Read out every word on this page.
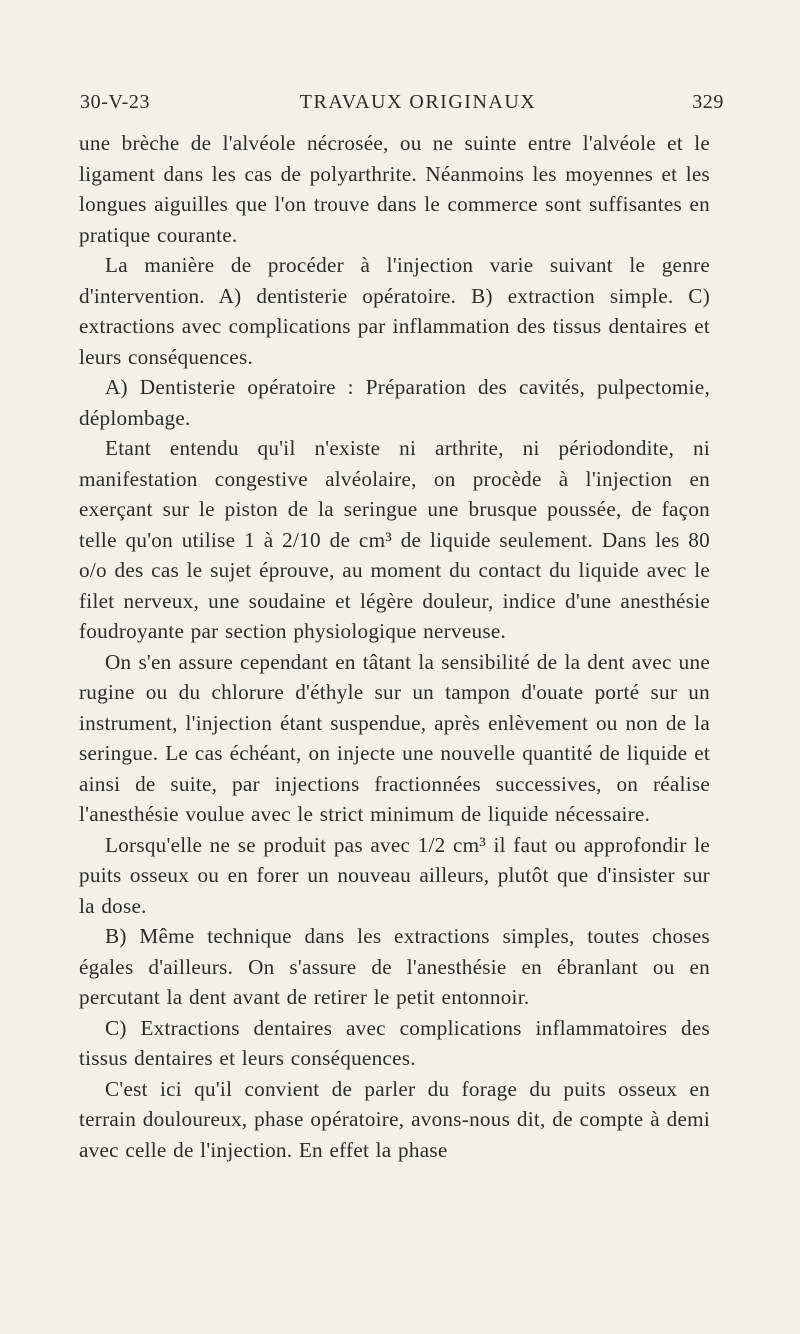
30-V-23	TRAVAUX ORIGINAUX	329

une brèche de l'alvéole nécrosée, ou ne suinte entre l'alvéole et le ligament dans les cas de polyarthrite. Néanmoins les moyennes et les longues aiguilles que l'on trouve dans le commerce sont suffisantes en pratique courante.

La manière de procéder à l'injection varie suivant le genre d'intervention. A) dentisterie opératoire. B) extraction simple. C) extractions avec complications par inflammation des tissus dentaires et leurs conséquences.

A) Dentisterie opératoire : Préparation des cavités, pulpectomie, déplombage.

Etant entendu qu'il n'existe ni arthrite, ni périodondite, ni manifestation congestive alvéolaire, on procède à l'injection en exerçant sur le piston de la seringue une brusque poussée, de façon telle qu'on utilise 1 à 2/10 de cm³ de liquide seulement. Dans les 80 o/o des cas le sujet éprouve, au moment du contact du liquide avec le filet nerveux, une soudaine et légère douleur, indice d'une anesthésie foudroyante par section physiologique nerveuse.

On s'en assure cependant en tâtant la sensibilité de la dent avec une rugine ou du chlorure d'éthyle sur un tampon d'ouate porté sur un instrument, l'injection étant suspendue, après enlèvement ou non de la seringue. Le cas échéant, on injecte une nouvelle quantité de liquide et ainsi de suite, par injections fractionnées successives, on réalise l'anesthésie voulue avec le strict minimum de liquide nécessaire.

Lorsqu'elle ne se produit pas avec 1/2 cm³ il faut ou approfondir le puits osseux ou en forer un nouveau ailleurs, plutôt que d'insister sur la dose.

B) Même technique dans les extractions simples, toutes choses égales d'ailleurs. On s'assure de l'anesthésie en ébranlant ou en percutant la dent avant de retirer le petit entonnoir.

C) Extractions dentaires avec complications inflammatoires des tissus dentaires et leurs conséquences.

C'est ici qu'il convient de parler du forage du puits osseux en terrain douloureux, phase opératoire, avons-nous dit, de compte à demi avec celle de l'injection. En effet la phase
